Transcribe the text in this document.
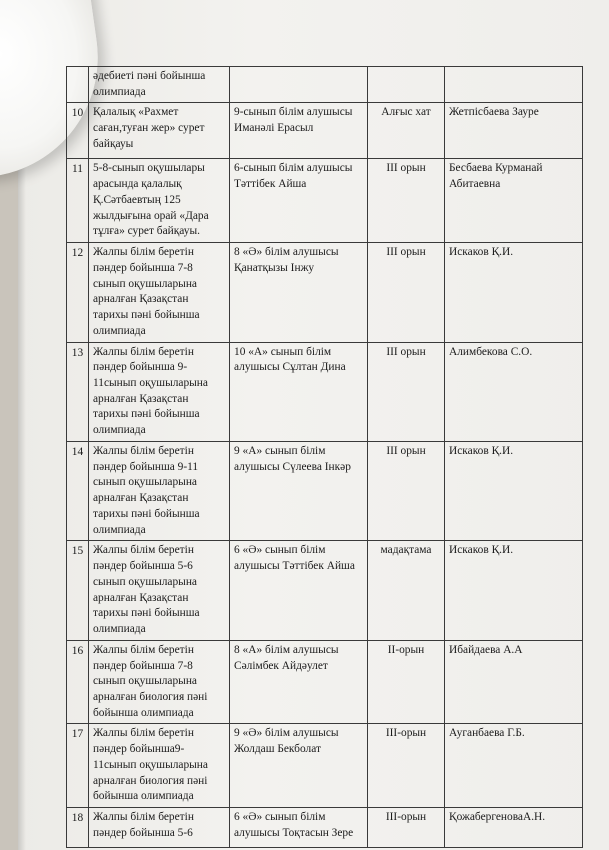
	әдебиеті пәні бойынша олимпиада			
10	Қалалық «Рахмет саған,туған жер» сурет байқауы	9-сынып білім алушысы Иманәлі Ерасыл	Алғыс хат	Жетпісбаева Зауре
11	5-8-сынып оқушылары арасында қалалық Қ.Сәтбаевтың 125 жылдығына орай «Дара тұлға» сурет байқауы.	6-сынып білім алушысы Тәттібек Айша	ІІІ орын	Бесбаева Курманай Абитаевна
12	Жалпы білім беретін пәндер бойынша 7-8 сынып оқушыларына арналған Қазақстан тарихы пәні бойынша олимпиада	8 «Ә» білім алушысы Қанатқызы Інжу	ІІІ орын	Искаков Қ.И.
13	Жалпы білім беретін пәндер бойынша 9-11сынып оқушыларына арналған Қазақстан тарихы пәні бойынша олимпиада	10 «А» сынып білім алушысы Сұлтан Дина	ІІІ орын	Алимбекова С.О.
14	Жалпы білім беретін пәндер бойынша 9-11 сынып оқушыларына арналған Қазақстан тарихы пәні бойынша олимпиада	9 «А» сынып білім алушысы Сүлеева Інкәр	ІІІ орын	Искаков Қ.И.
15	Жалпы білім беретін пәндер бойынша 5-6 сынып оқушыларына арналған Қазақстан тарихы пәні бойынша олимпиада	6 «Ә» сынып білім алушысы Тәттібек Айша	мадақтама	Искаков Қ.И.
16	Жалпы білім беретін пәндер бойынша 7-8 сынып оқушыларына арналған биология пәні бойынша олимпиада	8 «А» білім алушысы Сәлімбек Айдәулет	ІІ-орын	Ибайдаева А.А
17	Жалпы білім беретін пәндер бойынша9-11сынып оқушыларына арналған биология пәні бойынша олимпиада	9 «Ә» білім алушысы Жолдаш Бекболат	ІІІ-орын	Ауганбаева Г.Б.
18	Жалпы білім беретін пәндер бойынша 5-6	6 «Ә» сынып білім алушысы Тоқтасын Зере	ІІІ-орын	ҚожабергеноваА.Н.
